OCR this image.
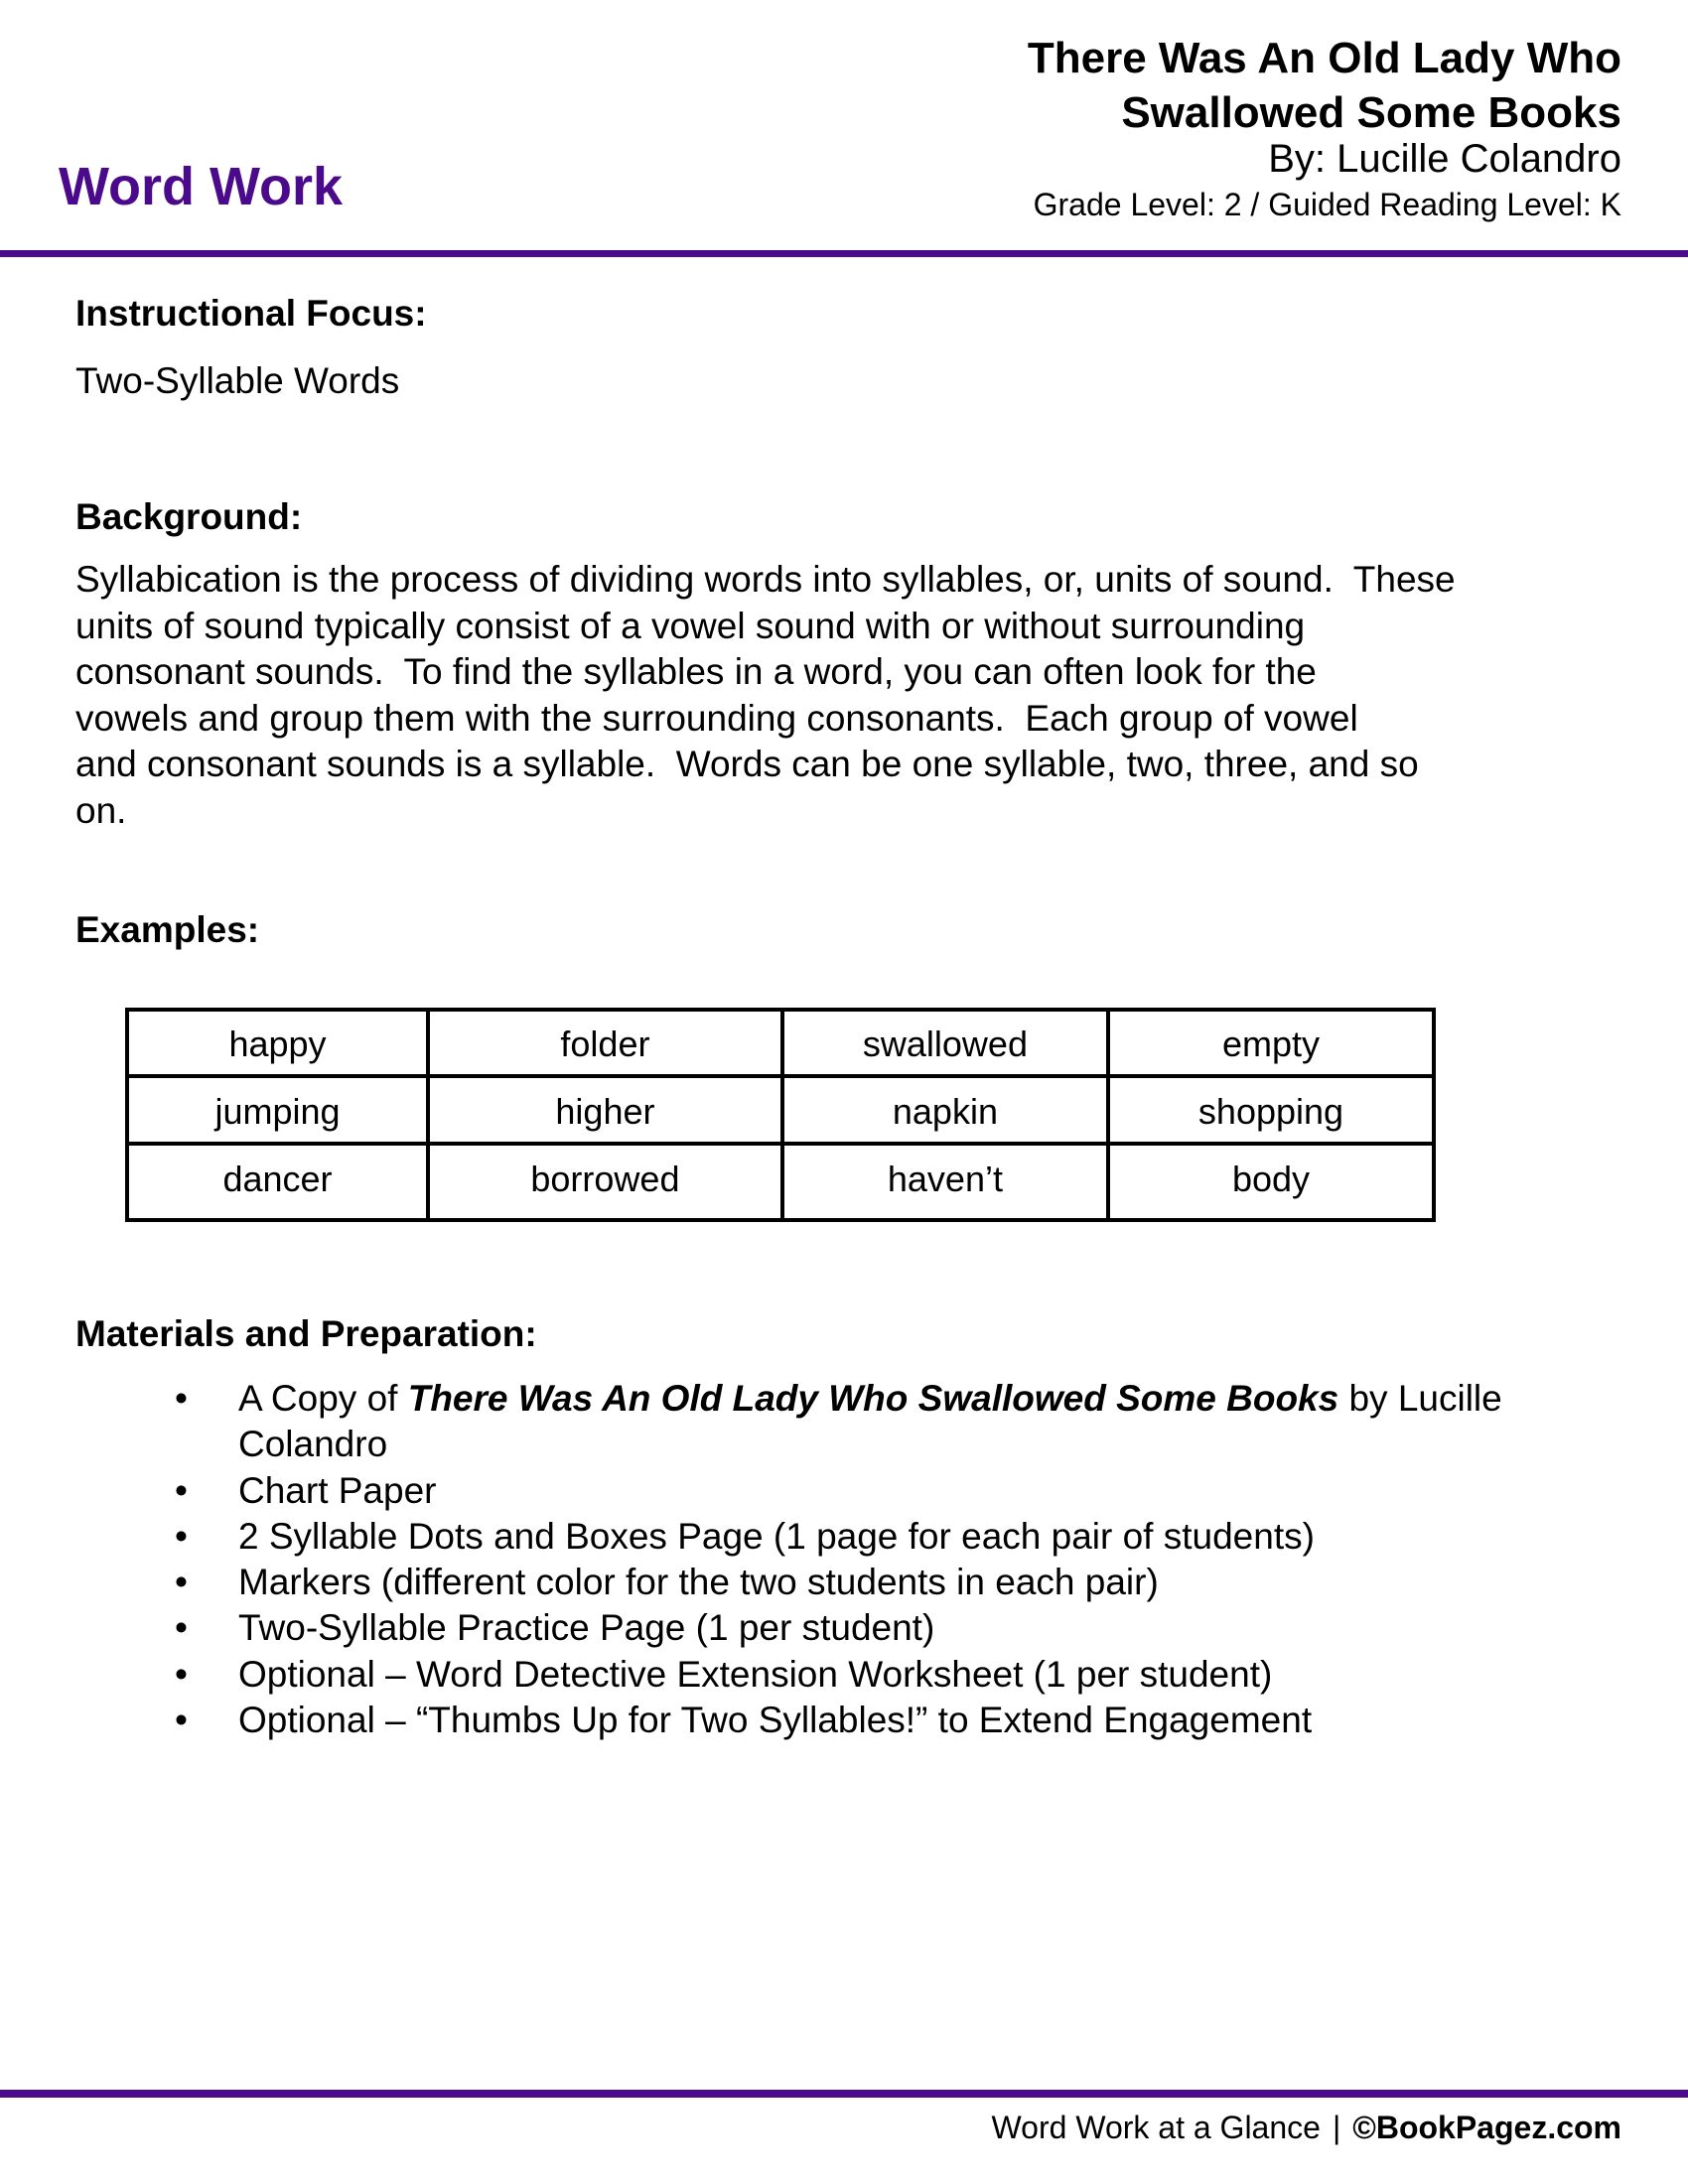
Word Work
There Was An Old Lady Who
Swallowed Some Books
By: Lucille Colandro
Grade Level: 2 / Guided Reading Level: K
Instructional Focus:
Two-Syllable Words
Background:
Syllabication is the process of dividing words into syllables, or, units of sound.  These
units of sound typically consist of a vowel sound with or without surrounding
consonant sounds.  To find the syllables in a word, you can often look for the
vowels and group them with the surrounding consonants.  Each group of vowel
and consonant sounds is a syllable.  Words can be one syllable, two, three, and so
on.
Examples:
happy	folder	swallowed	empty
jumping	higher	napkin	shopping
dancer	borrowed	haven’t	body
Materials and Preparation:
• A Copy of There Was An Old Lady Who Swallowed Some Books by Lucille
Colandro
• Chart Paper
• 2 Syllable Dots and Boxes Page (1 page for each pair of students)
• Markers (different color for the two students in each pair)
• Two-Syllable Practice Page (1 per student)
• Optional – Word Detective Extension Worksheet (1 per student)
• Optional – “Thumbs Up for Two Syllables!” to Extend Engagement
Word Work at a Glance | ©BookPagez.com
